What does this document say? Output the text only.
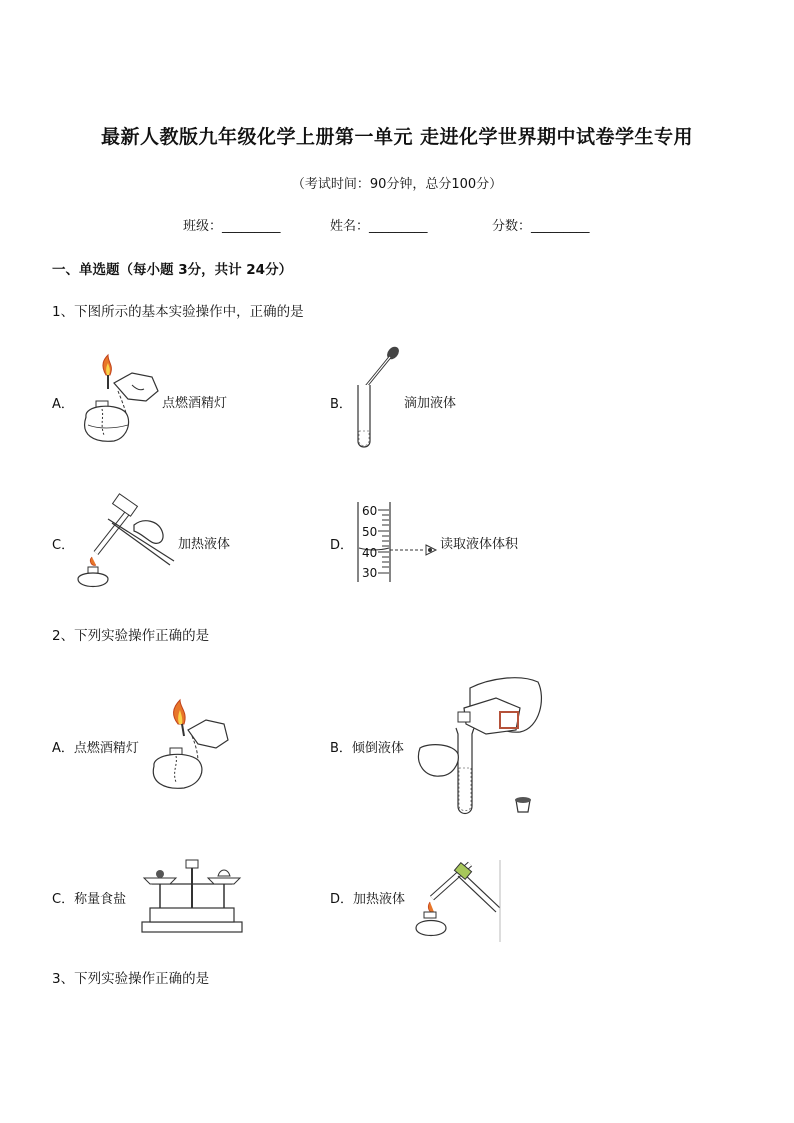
最新人教版九年级化学上册第一单元 走进化学世界期中试卷学生专用
（考试时间：90分钟，总分100分）
班级：_________	姓名：_________	分数：_________
一、单选题（每小题 3分，共计 24分）
1、下图所示的基本实验操作中，正确的是
A．	点燃酒精灯	B．	滴加液体
C．	加热液体	D．
60
50
40
30
读取液体体积
2、下列实验操作正确的是
A．点燃酒精灯	B．倾倒液体
C．称量食盐	D．加热液体
3、下列实验操作正确的是
